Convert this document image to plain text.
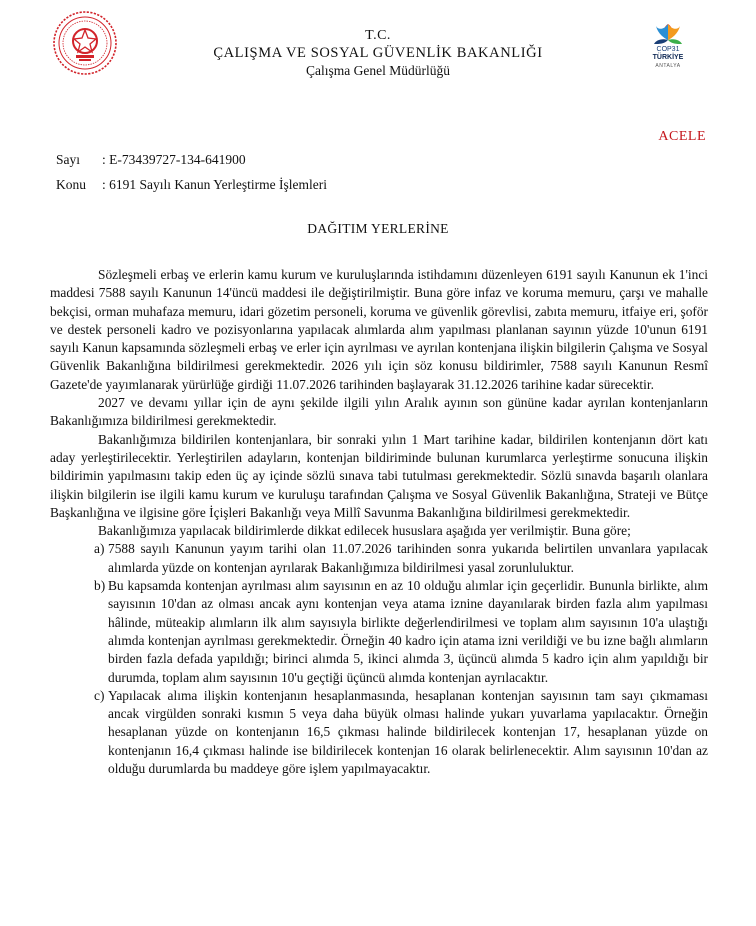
T.C.
ÇALIŞMA VE SOSYAL GÜVENLİK BAKANLIĞI
Çalışma Genel Müdürlüğü
COP31
TÜRKİYE
ANTALYA
ACELE
Sayı : E-73439727-134-641900
Konu : 6191 Sayılı Kanun Yerleştirme İşlemleri
DAĞITIM YERLERİNE

Sözleşmeli erbaş ve erlerin kamu kurum ve kuruluşlarında istihdamını düzenleyen 6191 sayılı Kanunun ek 1'inci maddesi 7588 sayılı Kanunun 14'üncü maddesi ile değiştirilmiştir. Buna göre infaz ve koruma memuru, çarşı ve mahalle bekçisi, orman muhafaza memuru, idari gözetim personeli, koruma ve güvenlik görevlisi, zabıta memuru, itfaiye eri, şoför ve destek personeli kadro ve pozisyonlarına yapılacak alımlarda alım yapılması planlanan sayının yüzde 10'unun 6191 sayılı Kanun kapsamında sözleşmeli erbaş ve erler için ayrılması ve ayrılan kontenjana ilişkin bilgilerin Çalışma ve Sosyal Güvenlik Bakanlığına bildirilmesi gerekmektedir. 2026 yılı için söz konusu bildirimler, 7588 sayılı Kanunun Resmî Gazete'de yayımlanarak yürürlüğe girdiği 11.07.2026 tarihinden başlayarak 31.12.2026 tarihine kadar sürecektir.

2027 ve devamı yıllar için de aynı şekilde ilgili yılın Aralık ayının son gününe kadar ayrılan kontenjanların Bakanlığımıza bildirilmesi gerekmektedir.

Bakanlığımıza bildirilen kontenjanlara, bir sonraki yılın 1 Mart tarihine kadar, bildirilen kontenjanın dört katı aday yerleştirilecektir. Yerleştirilen adayların, kontenjan bildiriminde bulunan kurumlarca yerleştirme sonucuna ilişkin bildirimin yapılmasını takip eden üç ay içinde sözlü sınava tabi tutulması gerekmektedir. Sözlü sınavda başarılı olanlara ilişkin bilgilerin ise ilgili kamu kurum ve kuruluşu tarafından Çalışma ve Sosyal Güvenlik Bakanlığına, Strateji ve Bütçe Başkanlığına ve ilgisine göre İçişleri Bakanlığı veya Millî Savunma Bakanlığına bildirilmesi gerekmektedir.

Bakanlığımıza yapılacak bildirimlerde dikkat edilecek hususlara aşağıda yer verilmiştir. Buna göre;

a) 7588 sayılı Kanunun yayım tarihi olan 11.07.2026 tarihinden sonra yukarıda belirtilen unvanlara yapılacak alımlarda yüzde on kontenjan ayrılarak Bakanlığımıza bildirilmesi yasal zorunluluktur.
b) Bu kapsamda kontenjan ayrılması alım sayısının en az 10 olduğu alımlar için geçerlidir. Bununla birlikte, alım sayısının 10'dan az olması ancak aynı kontenjan veya atama iznine dayanılarak birden fazla alım yapılması hâlinde, müteakip alımların ilk alım sayısıyla birlikte değerlendirilmesi ve toplam alım sayısının 10'a ulaştığı alımda kontenjan ayrılması gerekmektedir. Örneğin 40 kadro için atama izni verildiği ve bu izne bağlı alımların birden fazla defada yapıldığı; birinci alımda 5, ikinci alımda 3, üçüncü alımda 5 kadro için alım yapıldığı bir durumda, toplam alım sayısının 10'u geçtiği üçüncü alımda kontenjan ayrılacaktır.
c) Yapılacak alıma ilişkin kontenjanın hesaplanmasında, hesaplanan kontenjan sayısının tam sayı çıkmaması ancak virgülden sonraki kısmın 5 veya daha büyük olması halinde yukarı yuvarlama yapılacaktır. Örneğin hesaplanan yüzde on kontenjanın 16,5 çıkması halinde bildirilecek kontenjan 17, hesaplanan yüzde on kontenjanın 16,4 çıkması halinde ise bildirilecek kontenjan 16 olarak belirlenecektir. Alım sayısının 10'dan az olduğu durumlarda bu maddeye göre işlem yapılmayacaktır.
